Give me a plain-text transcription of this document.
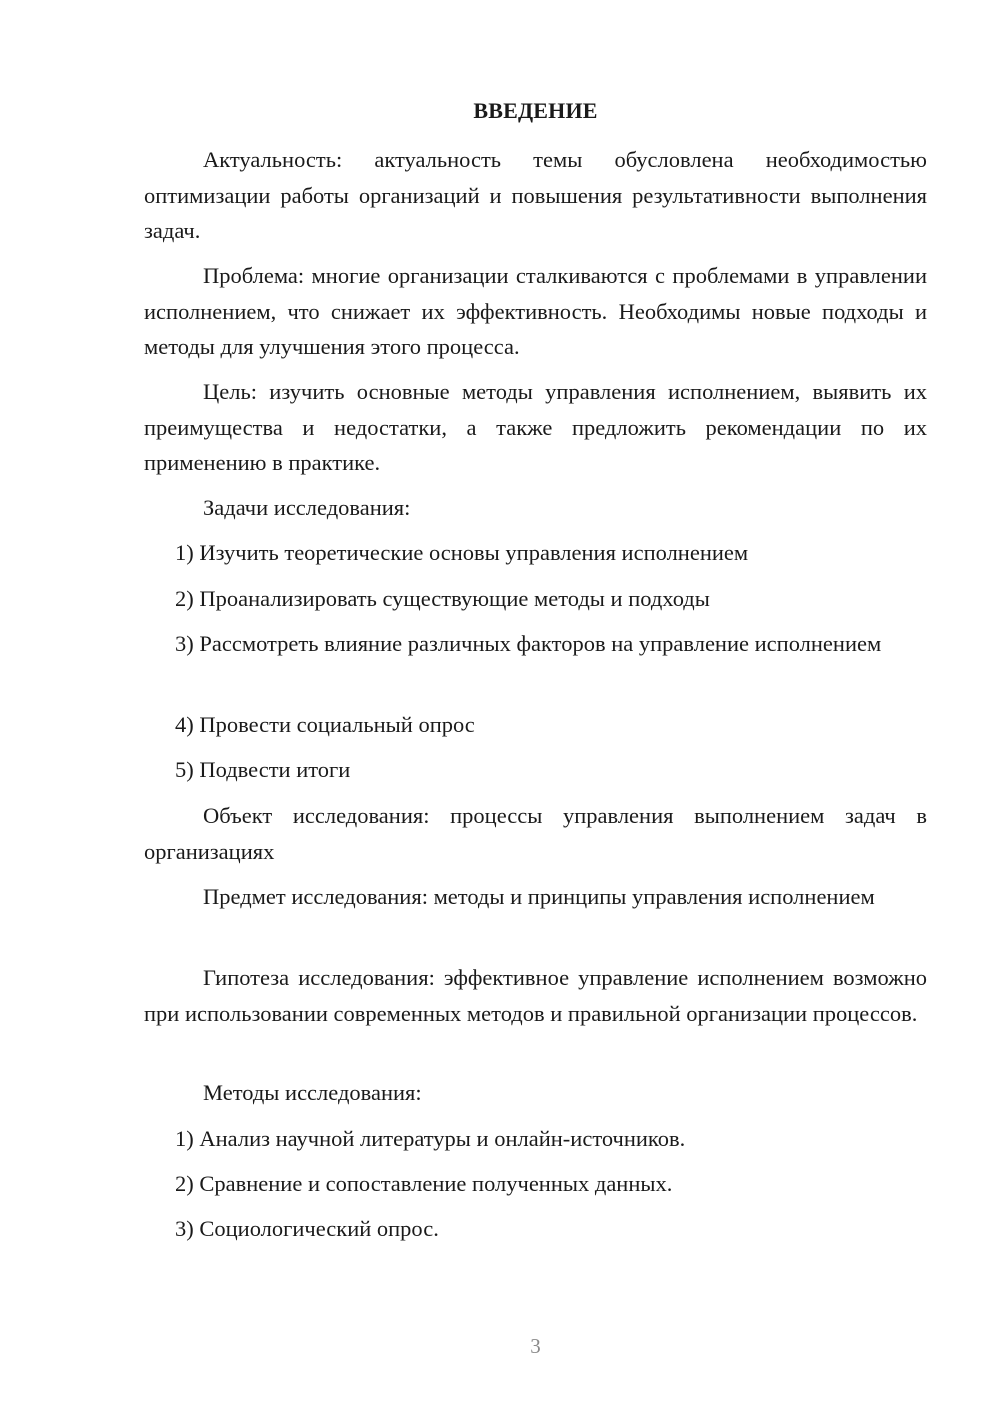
ВВЕДЕНИЕ

Актуальность: актуальность темы обусловлена необходимостью оптимизации работы организаций и повышения результативности выполнения задач.

Проблема: многие организации сталкиваются с проблемами в управлении исполнением, что снижает их эффективность. Необходимы новые подходы и методы для улучшения этого процесса.

Цель: изучить основные методы управления исполнением, выявить их преимущества и недостатки, а также предложить рекомендации по их применению в практике.

Задачи исследования:

1) Изучить теоретические основы управления исполнением

2) Проанализировать существующие методы и подходы

3) Рассмотреть влияние различных факторов на управление исполнением

4) Провести социальный опрос

5) Подвести итоги

Объект исследования: процессы управления выполнением задач в организациях

Предмет исследования: методы и принципы управления исполнением

Гипотеза исследования: эффективное управление исполнением возможно при использовании современных методов и правильной организации процессов.

Методы исследования:

1) Анализ научной литературы и онлайн-источников.

2) Сравнение и сопоставление полученных данных.

3) Социологический опрос.

3
